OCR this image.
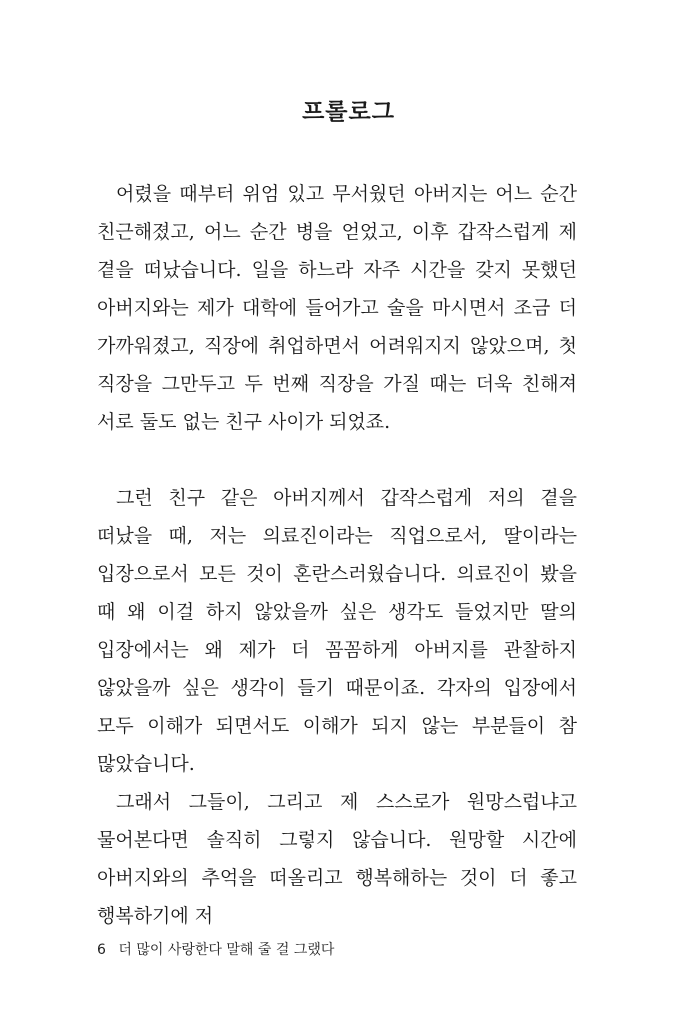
프롤로그

어렸을 때부터 위엄 있고 무서웠던 아버지는 어느 순간 친근해졌고, 어느 순간 병을 얻었고, 이후 갑작스럽게 제 곁을 떠났습니다. 일을 하느라 자주 시간을 갖지 못했던 아버지와는 제가 대학에 들어가고 술을 마시면서 조금 더 가까워졌고, 직장에 취업하면서 어려워지지 않았으며, 첫 직장을 그만두고 두 번째 직장을 가질 때는 더욱 친해져 서로 둘도 없는 친구 사이가 되었죠.

그런 친구 같은 아버지께서 갑작스럽게 저의 곁을 떠났을 때, 저는 의료진이라는 직업으로서, 딸이라는 입장으로서 모든 것이 혼란스러웠습니다. 의료진이 봤을 때 왜 이걸 하지 않았을까 싶은 생각도 들었지만 딸의 입장에서는 왜 제가 더 꼼꼼하게 아버지를 관찰하지 않았을까 싶은 생각이 들기 때문이죠. 각자의 입장에서 모두 이해가 되면서도 이해가 되지 않는 부분들이 참 많았습니다.

그래서 그들이, 그리고 제 스스로가 원망스럽냐고 물어본다면 솔직히 그렇지 않습니다. 원망할 시간에 아버지와의 추억을 떠올리고 행복해하는 것이 더 좋고 행복하기에 저

6 더 많이 사랑한다 말해 줄 걸 그랬다
